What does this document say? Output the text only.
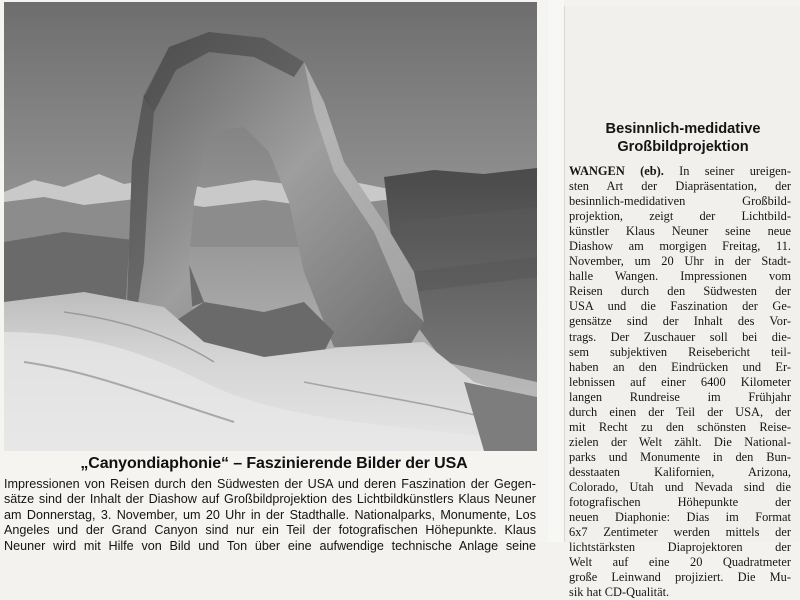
„Canyondiaphonie“ – Faszinierende Bilder der USA
Impressionen von Reisen durch den Südwesten der USA und deren Faszination der Gegen-
sätze sind der Inhalt der Diashow auf Großbildprojektion des Lichtbildkünstlers Klaus Neuner
am Donnerstag, 3. November, um 20 Uhr in der Stadthalle. Nationalparks, Monumente, Los
Angeles und der Grand Canyon sind nur ein Teil der fotografischen Höhepunkte. Klaus
Neuner wird mit Hilfe von Bild und Ton über eine aufwendige technische Anlage seine
Besinnlich-medidative
Großbildprojektion
WANGEN (eb). In seiner ureigen-
sten Art der Diapräsentation, der
besinnlich-medidativen Großbild-
projektion, zeigt der Lichtbild-
künstler Klaus Neuner seine neue
Diashow am morgigen Freitag, 11.
November, um 20 Uhr in der Stadt-
halle Wangen. Impressionen vom
Reisen durch den Südwesten der
USA und die Faszination der Ge-
gensätze sind der Inhalt des Vor-
trags. Der Zuschauer soll bei die-
sem subjektiven Reisebericht teil-
haben an den Eindrücken und Er-
lebnissen auf einer 6400 Kilometer
langen Rundreise im Frühjahr
durch einen der Teil der USA, der
mit Recht zu den schönsten Reise-
zielen der Welt zählt. Die National-
parks und Monumente in den Bun-
desstaaten Kalifornien, Arizona,
Colorado, Utah und Nevada sind die
fotografischen Höhepunkte der
neuen Diaphonie: Dias im Format
6x7 Zentimeter werden mittels der
lichtstärksten Diaprojektoren der
Welt auf eine 20 Quadratmeter
große Leinwand projiziert. Die Mu-
sik hat CD-Qualität.
